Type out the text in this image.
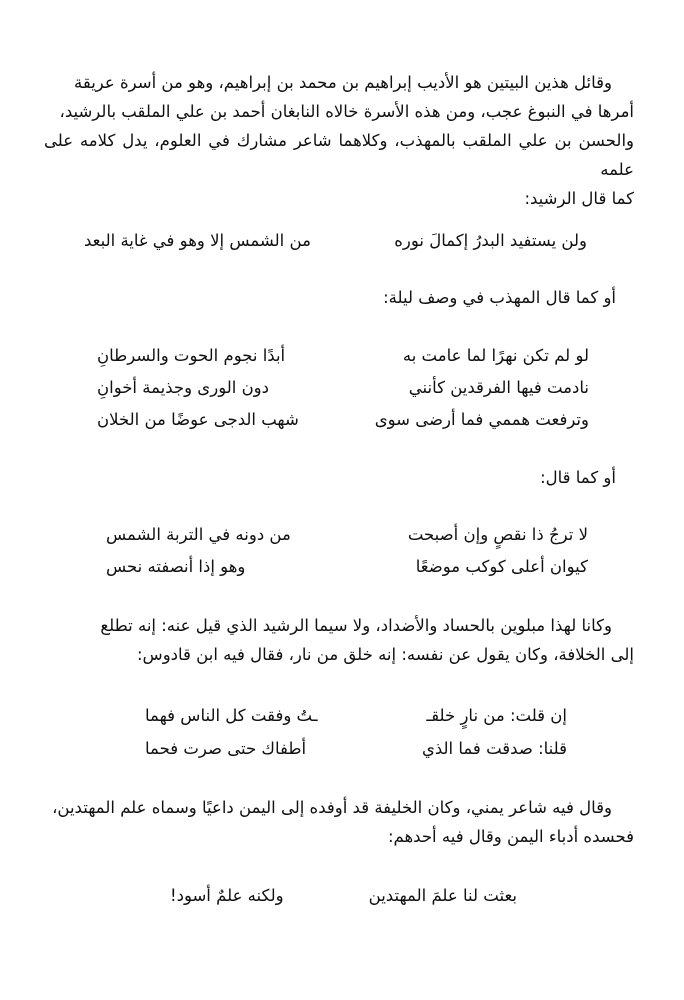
وقائل هذين البيتين هو الأديب إبراهيم بن محمد بن إبراهيم، وهو من أسرة عريقة
أمرها في النبوغ عجب، ومن هذه الأسرة خالاه النابغان أحمد بن علي الملقب بالرشيد،
والحسن بن علي الملقب بالمهذب، وكلاهما شاعر مشارك في العلوم، يدل كلامه على علمه
كما قال الرشيد:
ولن يستفيد البدرُ إكمالَ نوره
من الشمس إلا وهو في غاية البعد
أو كما قال المهذب في وصف ليلة:
لو لم تكن نهرًا لما عامت به
أبدًا نجوم الحوت والسرطانِ
نادمت فيها الفرقدين كأنني
دون الورى وجذيمة أخوانِ
وترفعت هممي فما أرضى سوى
شهب الدجى عوضًا من الخلان
أو كما قال:
لا ترجُ ذا نقصٍ وإن أصبحت
من دونه في التربة الشمس
كيوان أعلى كوكب موضعًا
وهو إذا أنصفته نحس
وكانا لهذا مبلوين بالحساد والأضداد، ولا سيما الرشيد الذي قيل عنه: إنه تطلع
إلى الخلافة، وكان يقول عن نفسه: إنه خلق من نار، فقال فيه ابن قادوس:
إن قلت: من نارٍ خلقـ
ـتُ وفقت كل الناس فهما
قلنا: صدقت فما الذي
أطفاك حتى صرت فحما
وقال فيه شاعر يمني، وكان الخليفة قد أوفده إلى اليمن داعيًا وسماه علم المهتدين،
فحسده أدباء اليمن وقال فيه أحدهم:
بعثت لنا علمَ المهتدين
ولكنه علمٌ أسود!
